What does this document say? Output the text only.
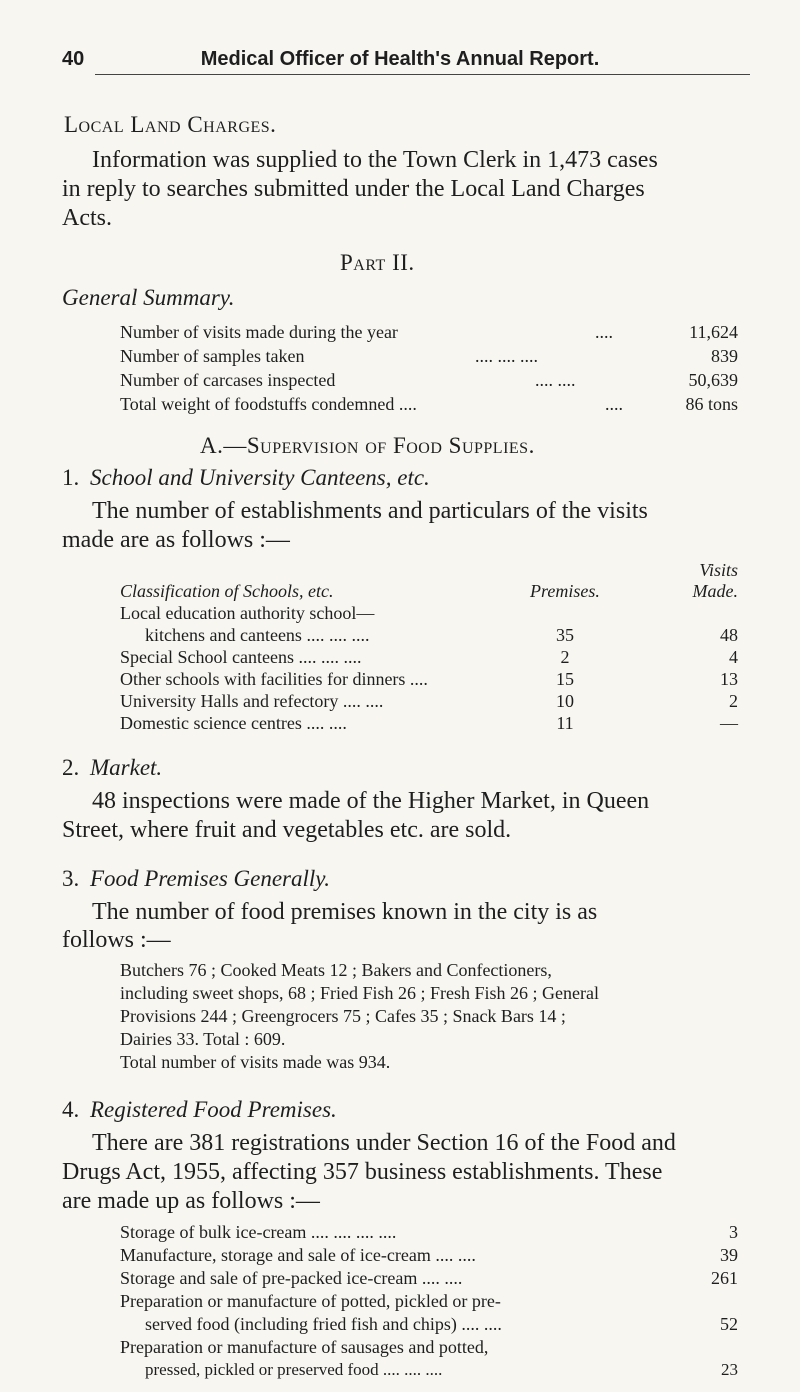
40	Medical Officer of Health's Annual Report.
Local Land Charges.
Information was supplied to the Town Clerk in 1,473 cases
in reply to searches submitted under the Local Land Charges
Acts.
Part II.
General Summary.
Number of visits made during the year	....	11,624
Number of samples taken	.... .... ....	839
Number of carcases inspected	.... ....	50,639
Total weight of foodstuffs condemned ....	....	86 tons
A.—Supervision of Food Supplies.
1. School and University Canteens, etc.
The number of establishments and particulars of the visits
made are as follows :—
Visits
Classification of Schools, etc.	Premises.	Made.
Local education authority school—
kitchens and canteens .... .... ....	35	48
Special School canteens .... .... ....	2	4
Other schools with facilities for dinners ....	15	13
University Halls and refectory .... ....	10	2
Domestic science centres .... ....	11	—
2. Market.
48 inspections were made of the Higher Market, in Queen
Street, where fruit and vegetables etc. are sold.
3. Food Premises Generally.
The number of food premises known in the city is as
follows :—
Butchers 76 ; Cooked Meats 12 ; Bakers and Confectioners,
including sweet shops, 68 ; Fried Fish 26 ; Fresh Fish 26 ; General
Provisions 244 ; Greengrocers 75 ; Cafes 35 ; Snack Bars 14 ;
Dairies 33. Total : 609.
Total number of visits made was 934.
4. Registered Food Premises.
There are 381 registrations under Section 16 of the Food and
Drugs Act, 1955, affecting 357 business establishments. These
are made up as follows :—
Storage of bulk ice-cream .... .... .... ....	3
Manufacture, storage and sale of ice-cream .... ....	39
Storage and sale of pre-packed ice-cream .... ....	261
Preparation or manufacture of potted, pickled or pre-
served food (including fried fish and chips) .... ....	52
Preparation or manufacture of sausages and potted,
pressed, pickled or preserved food .... .... ....	23
